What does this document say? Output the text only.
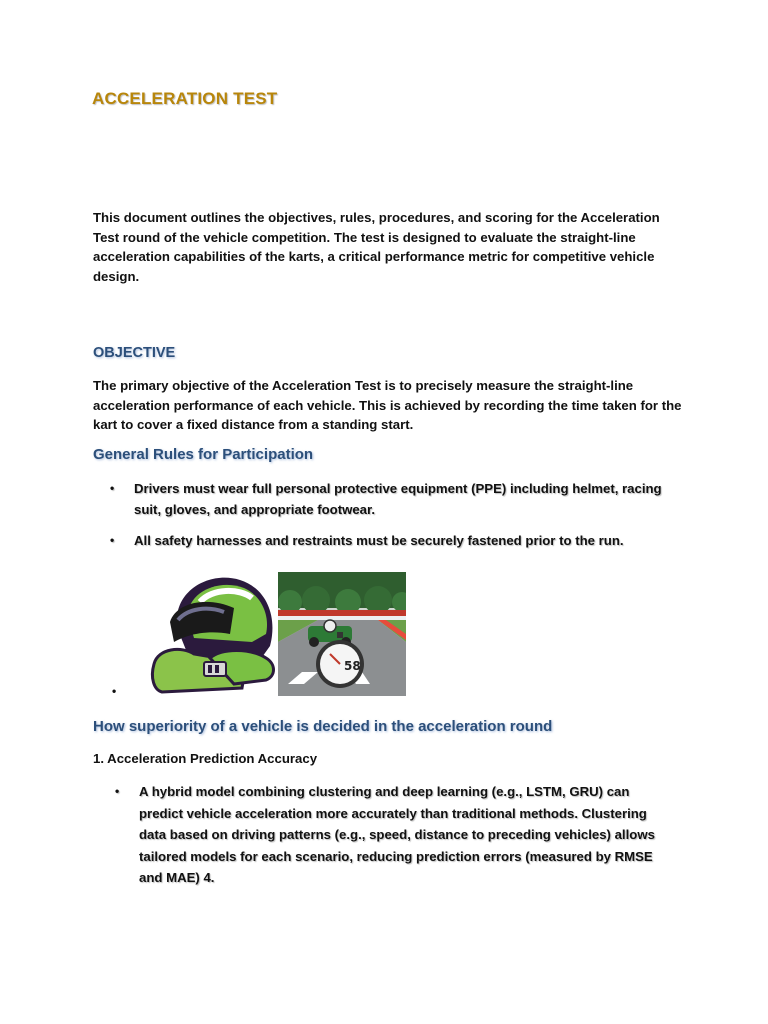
ACCELERATION TEST
This document outlines the objectives, rules, procedures, and scoring for the Acceleration Test round of the vehicle competition. The test is designed to evaluate the straight-line acceleration capabilities of the karts, a critical performance metric for competitive vehicle design.
OBJECTIVE
The primary objective of the Acceleration Test is to precisely measure the straight-line acceleration performance of each vehicle. This is achieved by recording the time taken for the kart to cover a fixed distance from a standing start.
General Rules for Participation
• Drivers must wear full personal protective equipment (PPE) including helmet, racing suit, gloves, and appropriate footwear.
• All safety harnesses and restraints must be securely fastened prior to the run.
58
•
How superiority of a vehicle is decided in the acceleration round
1. Acceleration Prediction Accuracy
• A hybrid model combining clustering and deep learning (e.g., LSTM, GRU) can predict vehicle acceleration more accurately than traditional methods. Clustering data based on driving patterns (e.g., speed, distance to preceding vehicles) allows tailored models for each scenario, reducing prediction errors (measured by RMSE and MAE) 4.
